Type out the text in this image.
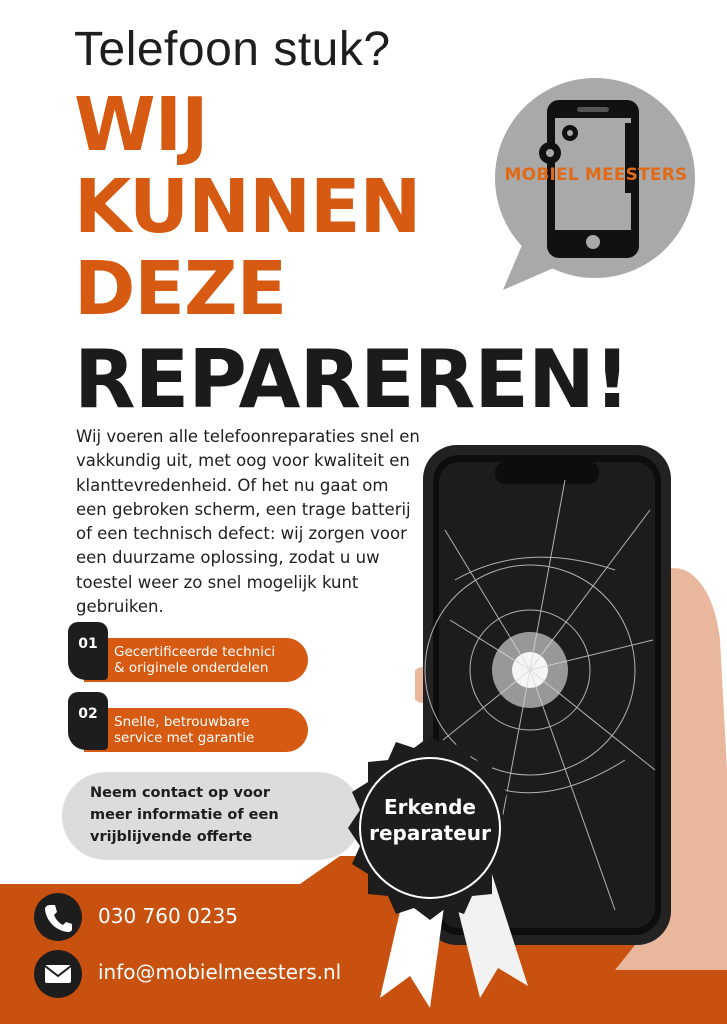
Telefoon stuk?
WIJ
KUNNEN
DEZE
REPAREREN!
MOBIEL MEESTERS
Wij voeren alle telefoonreparaties snel en vakkundig uit, met oog voor kwaliteit en klanttevredenheid. Of het nu gaat om een gebroken scherm, een trage batterij of een technisch defect: wij zorgen voor een duurzame oplossing, zodat u uw toestel weer zo snel mogelijk kunt gebruiken.
Gecertificeerde technici
& originele onderdelen
01
Snelle, betrouwbare
service met garantie
02
Neem contact op voor
meer informatie of een
vrijblijvende offerte
Erkende
reparateur
030 760 0235
info@mobielmeesters.nl
